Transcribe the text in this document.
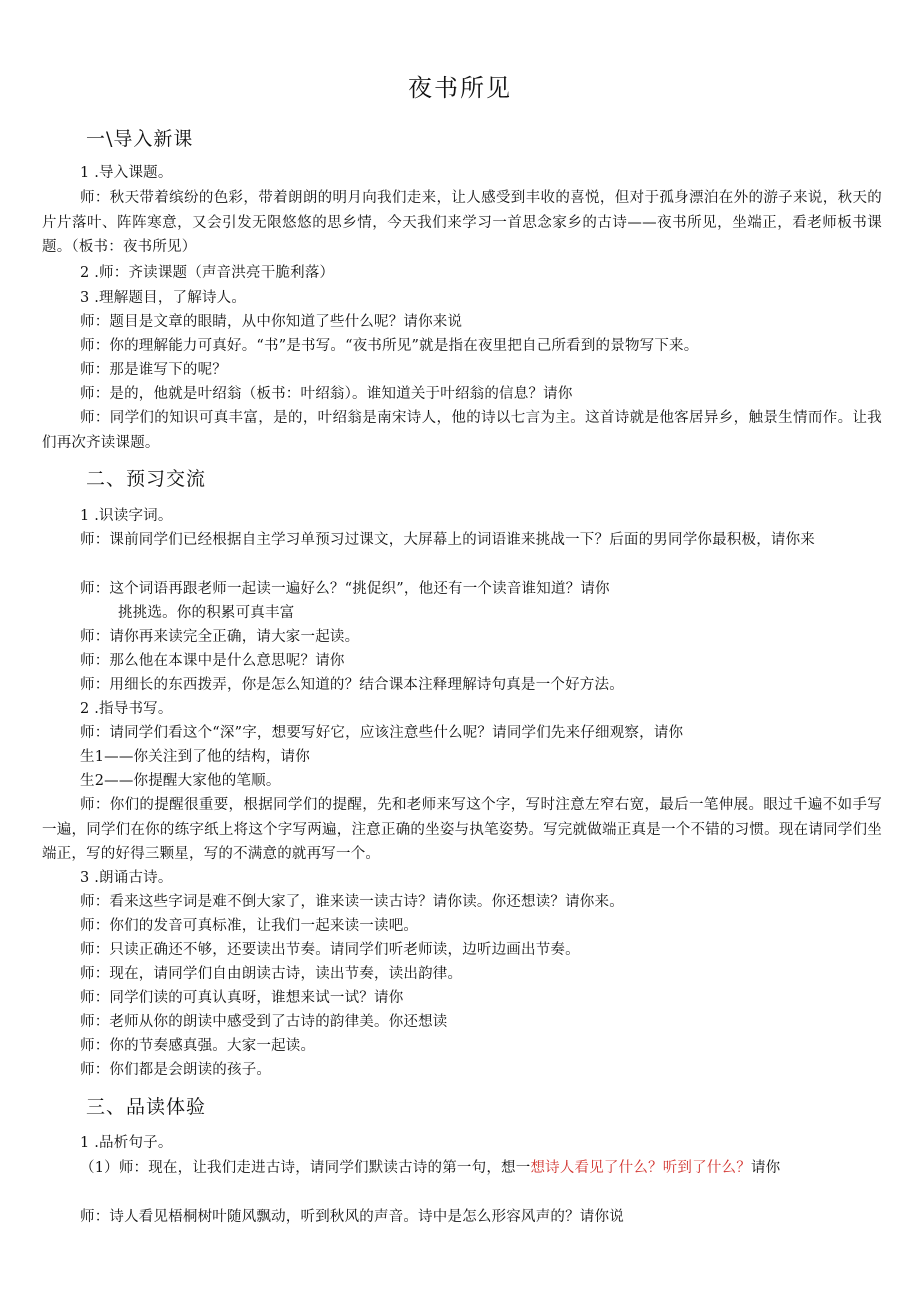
夜书所见
一\导入新课
1 .导入课题。
师：秋天带着缤纷的色彩，带着朗朗的明月向我们走来，让人感受到丰收的喜悦，但对于孤身漂泊在外的游子来说，秋天的片片落叶、阵阵寒意，又会引发无限悠悠的思乡情，今天我们来学习一首思念家乡的古诗——夜书所见，坐端正，看老师板书课题。（板书：夜书所见）
2 .师：齐读课题（声音洪亮干脆利落）
3 .理解题目，了解诗人。
师：题目是文章的眼睛，从中你知道了些什么呢？请你来说
师：你的理解能力可真好。“书”是书写。“夜书所见”就是指在夜里把自己所看到的景物写下来。
师：那是谁写下的呢？
师：是的，他就是叶绍翁（板书：叶绍翁）。谁知道关于叶绍翁的信息？请你
师：同学们的知识可真丰富，是的，叶绍翁是南宋诗人，他的诗以七言为主。这首诗就是他客居异乡，触景生情而作。让我们再次齐读课题。
二、预习交流
1 .识读字词。
师：课前同学们已经根据自主学习单预习过课文，大屏幕上的词语谁来挑战一下？后面的男同学你最积极，请你来
师：这个词语再跟老师一起读一遍好么？“挑促织”，他还有一个读音谁知道？请你
挑挑选。你的积累可真丰富
师：请你再来读完全正确，请大家一起读。
师：那么他在本课中是什么意思呢？请你
师：用细长的东西拨弄，你是怎么知道的？结合课本注释理解诗句真是一个好方法。
2 .指导书写。
师：请同学们看这个“深”字，想要写好它，应该注意些什么呢？请同学们先来仔细观察，请你
生1——你关注到了他的结构，请你
生2——你提醒大家他的笔顺。
师：你们的提醒很重要，根据同学们的提醒，先和老师来写这个字，写时注意左窄右宽，最后一笔伸展。眼过千遍不如手写一遍，同学们在你的练字纸上将这个字写两遍，注意正确的坐姿与执笔姿势。写完就做端正真是一个不错的习惯。现在请同学们坐端正，写的好得三颗星，写的不满意的就再写一个。
3 .朗诵古诗。
师：看来这些字词是难不倒大家了，谁来读一读古诗？请你读。你还想读？请你来。
师：你们的发音可真标准，让我们一起来读一读吧。
师：只读正确还不够，还要读出节奏。请同学们听老师读，边听边画出节奏。
师：现在，请同学们自由朗读古诗，读出节奏，读出韵律。
师：同学们读的可真认真呀，谁想来试一试？请你
师：老师从你的朗读中感受到了古诗的韵律美。你还想读
师：你的节奏感真强。大家一起读。
师：你们都是会朗读的孩子。
三、品读体验
1 .品析句子。
（1）师：现在，让我们走进古诗，请同学们默读古诗的第一句，想一想诗人看见了什么？听到了什么？请你
师：诗人看见梧桐树叶随风飘动，听到秋风的声音。诗中是怎么形容风声的？请你说
